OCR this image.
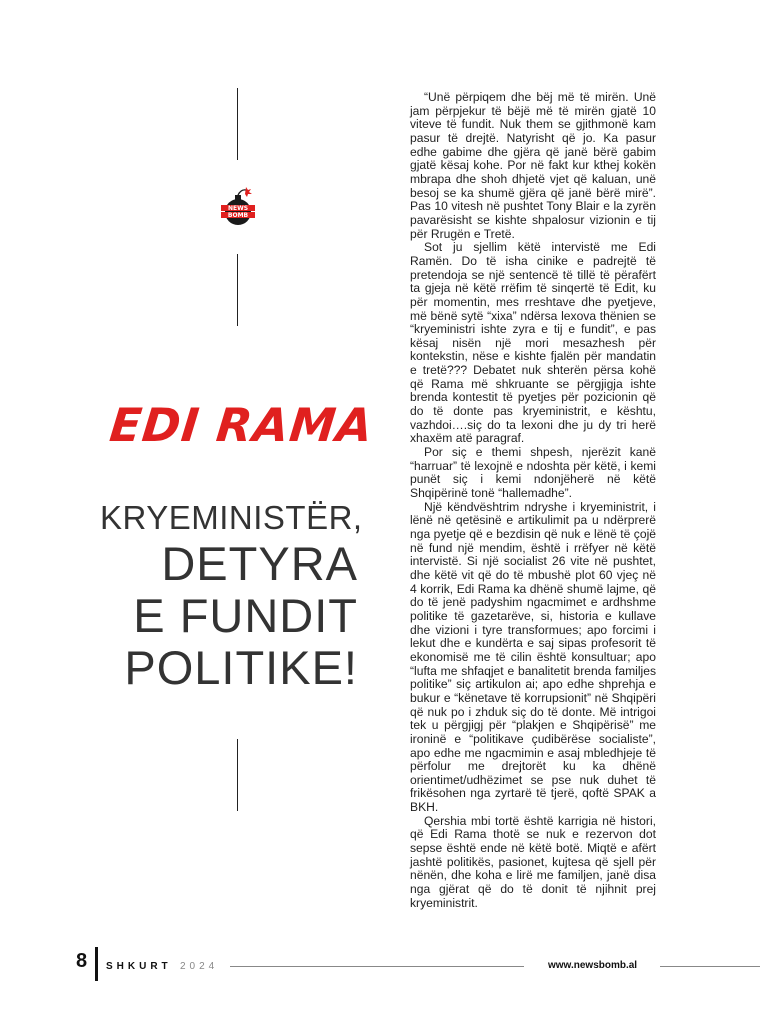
NEWS
BOMB
EDI RAMA
KRYEMINISTËR,
DETYRA
E FUNDIT
POLITIKE!

“Unë përpiqem dhe bëj më të mirën. Unë jam përpjekur të bëjë më të mirën gjatë 10 viteve të fundit. Nuk them se gjithmonë kam pasur të drejtë. Natyrisht që jo. Ka pasur edhe gabime dhe gjëra që janë bërë gabim gjatë kësaj kohe. Por në fakt kur kthej kokën mbrapa dhe shoh dhjetë vjet që kaluan, unë besoj se ka shumë gjëra që janë bërë mirë”. Pas 10 vitesh në pushtet Tony Blair e la zyrën pavarësisht se kishte shpalosur vizionin e tij për Rrugën e Tretë.

Sot ju sjellim këtë intervistë me Edi Ramën. Do të isha cinike e padrejtë të pretendoja se një sentencë të tillë të përafërt ta gjeja në këtë rrëfim të sinqertë të Edit, ku për momentin, mes rreshtave dhe pyetjeve, më bënë sytë “xixa” ndërsa lexova thënien se “kryeministri ishte zyra e tij e fundit”, e pas kësaj nisën një mori mesazhesh për kontekstin, nëse e kishte fjalën për mandatin e tretë??? Debatet nuk shterën përsa kohë që Rama më shkruante se përgjigja ishte brenda kontestit të pyetjes për pozicionin që do të donte pas kryeministrit, e kështu, vazhdoi….siç do ta lexoni dhe ju dy tri herë xhaxëm atë paragraf.

Por siç e themi shpesh, njerëzit kanë “harruar” të lexojnë e ndoshta për këtë, i kemi punët siç i kemi ndonjëherë në këtë Shqipërinë tonë “hallemadhe”.

Një këndvështrim ndryshe i kryeministrit, i lënë në qetësinë e artikulimit pa u ndërprerë nga pyetje që e bezdisin që nuk e lënë të çojë në fund një mendim, është i rrëfyer në këtë intervistë. Si një socialist 26 vite në pushtet, dhe këtë vit që do të mbushë plot 60 vjeç në 4 korrik, Edi Rama ka dhënë shumë lajme, që do të jenë padyshim ngacmimet e ardhshme politike të gazetarëve, si, historia e kullave dhe vizioni i tyre transformues; apo forcimi i lekut dhe e kundërta e saj sipas profesorit të ekonomisë me të cilin është konsultuar; apo “lufta me shfaqjet e banalitetit brenda familjes politike” siç artikulon ai; apo edhe shprehja e bukur e “kënetave të korrupsionit” në Shqipëri që nuk po i zhduk siç do të donte. Më intrigoi tek u përgjigj për “plakjen e Shqipërisë” me ironinë e “politikave çudibërëse socialiste”, apo edhe me ngacmimin e asaj mbledhjeje të përfolur me drejtorët ku ka dhënë orientimet/udhëzimet se pse nuk duhet të frikësohen nga zyrtarë të tjerë, qoftë SPAK a BKH.

Qershia mbi tortë është karrigia në histori, që Edi Rama thotë se nuk e rezervon dot sepse është ende në këtë botë. Miqtë e afërt jashtë politikës, pasionet, kujtesa që sjell për nënën, dhe koha e lirë me familjen, janë disa nga gjërat që do të donit të njihnit prej kryeministrit.

8 SHKURT 2024	www.newsbomb.al
